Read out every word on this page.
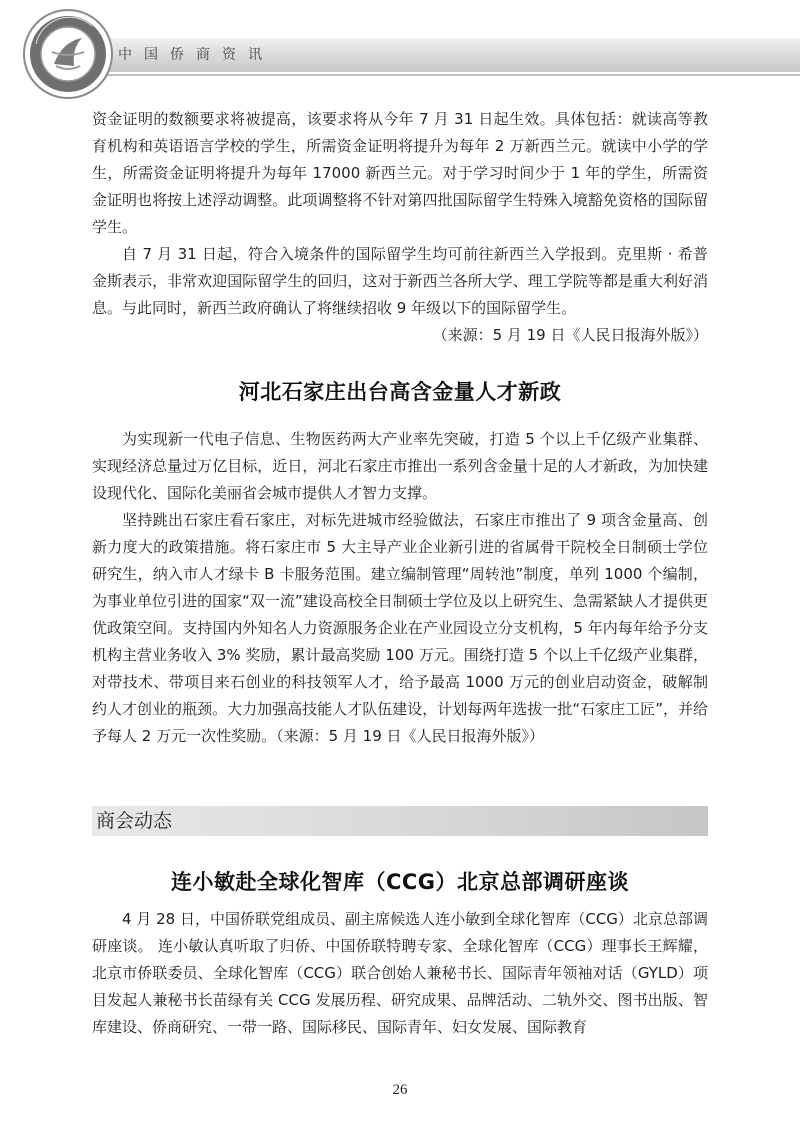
中国侨商资讯

资金证明的数额要求将被提高，该要求将从今年 7 月 31 日起生效。具体包括：就读高等教育机构和英语语言学校的学生，所需资金证明将提升为每年 2 万新西兰元。就读中小学的学生，所需资金证明将提升为每年 17000 新西兰元。对于学习时间少于 1 年的学生，所需资金证明也将按上述浮动调整。此项调整将不针对第四批国际留学生特殊入境豁免资格的国际留学生。

自 7 月 31 日起，符合入境条件的国际留学生均可前往新西兰入学报到。克里斯 · 希普金斯表示，非常欢迎国际留学生的回归，这对于新西兰各所大学、理工学院等都是重大利好消息。与此同时，新西兰政府确认了将继续招收 9 年级以下的国际留学生。

（来源：5 月 19 日《人民日报海外版》）

河北石家庄出台高含金量人才新政

为实现新一代电子信息、生物医药两大产业率先突破，打造 5 个以上千亿级产业集群、实现经济总量过万亿目标，近日，河北石家庄市推出一系列含金量十足的人才新政，为加快建设现代化、国际化美丽省会城市提供人才智力支撑。

坚持跳出石家庄看石家庄，对标先进城市经验做法，石家庄市推出了 9 项含金量高、创新力度大的政策措施。将石家庄市 5 大主导产业企业新引进的省属骨干院校全日制硕士学位研究生，纳入市人才绿卡 B 卡服务范围。建立编制管理“周转池”制度，单列 1000 个编制，为事业单位引进的国家“双一流”建设高校全日制硕士学位及以上研究生、急需紧缺人才提供更优政策空间。支持国内外知名人力资源服务企业在产业园设立分支机构，5 年内每年给予分支机构主营业务收入 3% 奖励，累计最高奖励 100 万元。围绕打造 5 个以上千亿级产业集群，对带技术、带项目来石创业的科技领军人才，给予最高 1000 万元的创业启动资金，破解制约人才创业的瓶颈。大力加强高技能人才队伍建设，计划每两年选拔一批“石家庄工匠”，并给予每人 2 万元一次性奖励。（来源：5 月 19 日《人民日报海外版》）

商会动态
连小敏赴全球化智库（CCG）北京总部调研座谈

4 月 28 日，中国侨联党组成员、副主席候选人连小敏到全球化智库（CCG）北京总部调研座谈。 连小敏认真听取了归侨、中国侨联特聘专家、全球化智库（CCG）理事长王辉耀，北京市侨联委员、全球化智库（CCG）联合创始人兼秘书长、国际青年领袖对话（GYLD）项目发起人兼秘书长苗绿有关 CCG 发展历程、研究成果、品牌活动、二轨外交、图书出版、智库建设、侨商研究、一带一路、国际移民、国际青年、妇女发展、国际教育

26
